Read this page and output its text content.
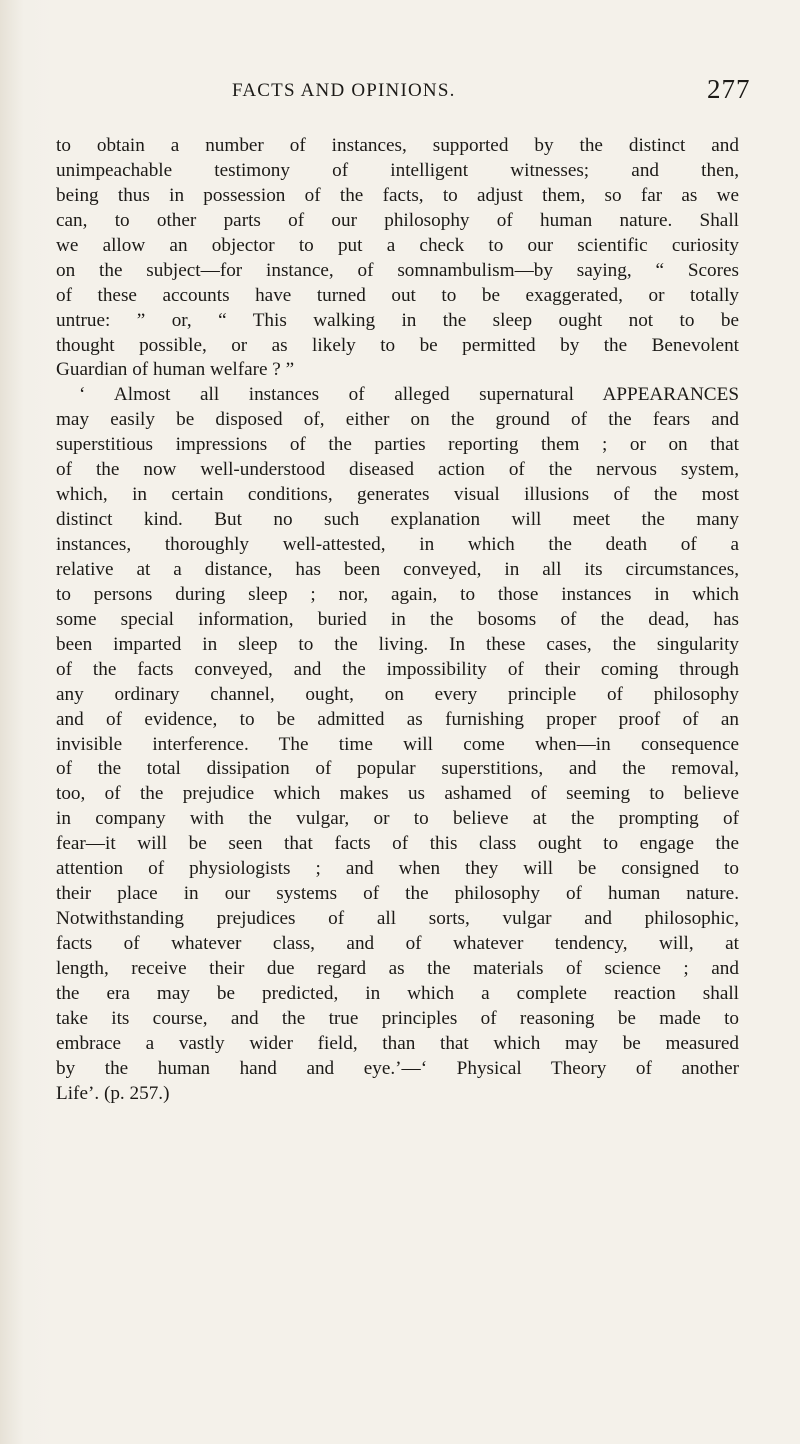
FACTS AND OPINIONS.	277
to obtain a number of instances, supported by the distinct and
unimpeachable testimony of intelligent witnesses; and then,
being thus in possession of the facts, to adjust them, so far as we
can, to other parts of our philosophy of human nature. Shall
we allow an objector to put a check to our scientific curiosity
on the subject—for instance, of somnambulism—by saying, “ Scores
of these accounts have turned out to be exaggerated, or totally
untrue: ” or, “ This walking in the sleep ought not to be
thought possible, or as likely to be permitted by the Benevolent
Guardian of human welfare ? ”
‘ Almost all instances of alleged supernatural APPEARANCES
may easily be disposed of, either on the ground of the fears and
superstitious impressions of the parties reporting them ; or on that
of the now well-understood diseased action of the nervous system,
which, in certain conditions, generates visual illusions of the most
distinct kind. But no such explanation will meet the many
instances, thoroughly well-attested, in which the death of a
relative at a distance, has been conveyed, in all its circumstances,
to persons during sleep ; nor, again, to those instances in which
some special information, buried in the bosoms of the dead, has
been imparted in sleep to the living. In these cases, the singularity
of the facts conveyed, and the impossibility of their coming through
any ordinary channel, ought, on every principle of philosophy
and of evidence, to be admitted as furnishing proper proof of an
invisible interference. The time will come when—in consequence
of the total dissipation of popular superstitions, and the removal,
too, of the prejudice which makes us ashamed of seeming to believe
in company with the vulgar, or to believe at the prompting of
fear—it will be seen that facts of this class ought to engage the
attention of physiologists ; and when they will be consigned to
their place in our systems of the philosophy of human nature.
Notwithstanding prejudices of all sorts, vulgar and philosophic,
facts of whatever class, and of whatever tendency, will, at
length, receive their due regard as the materials of science ; and
the era may be predicted, in which a complete reaction shall
take its course, and the true principles of reasoning be made to
embrace a vastly wider field, than that which may be measured
by the human hand and eye.’—‘ Physical Theory of another
Life’. (p. 257.)
